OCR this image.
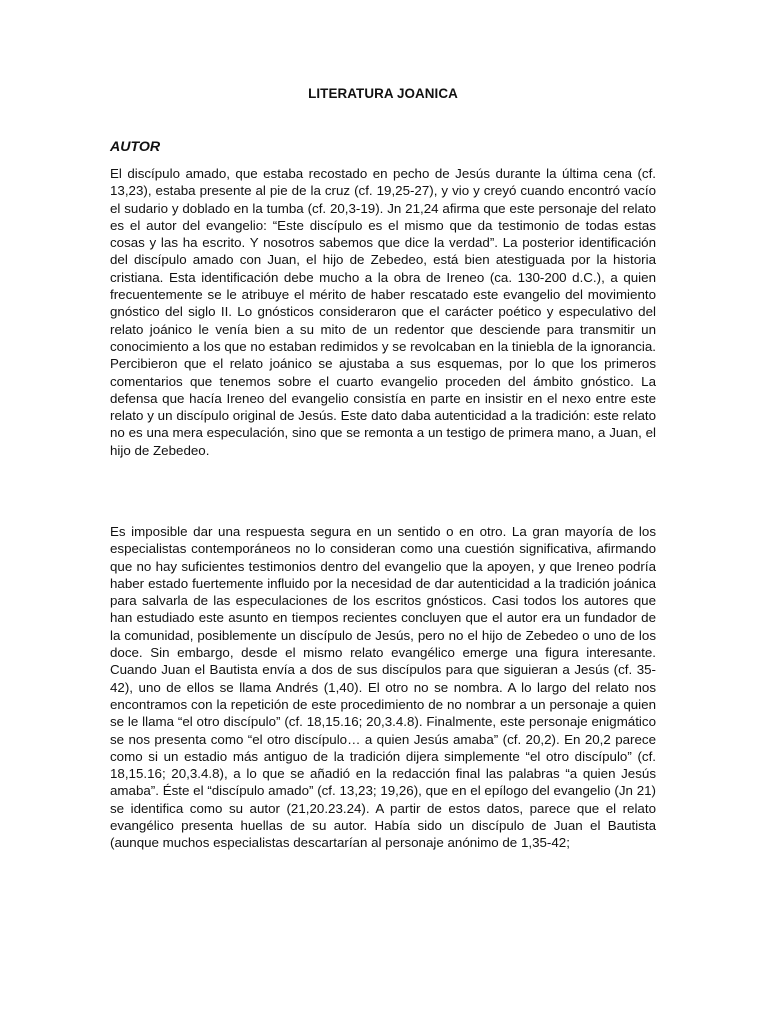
LITERATURA JOANICA
AUTOR

El discípulo amado, que estaba recostado en pecho de Jesús durante la última cena (cf. 13,23), estaba presente al pie de la cruz (cf. 19,25-27), y vio y creyó cuando encontró vacío el sudario y doblado en la tumba (cf. 20,3-19). Jn 21,24 afirma que este personaje del relato es el autor del evangelio: “Este discípulo es el mismo que da testimonio de todas estas cosas y las ha escrito. Y nosotros sabemos que dice la verdad”. La posterior identificación del discípulo amado con Juan, el hijo de Zebedeo, está bien atestiguada por la historia cristiana. Esta identificación debe mucho a la obra de Ireneo (ca. 130-200 d.C.), a quien frecuentemente se le atribuye el mérito de haber rescatado este evangelio del movimiento gnóstico del siglo II. Lo gnósticos consideraron que el carácter poético y especulativo del relato joánico le venía bien a su mito de un redentor que desciende para transmitir un conocimiento a los que no estaban redimidos y se revolcaban en la tiniebla de la ignorancia. Percibieron que el relato joánico se ajustaba a sus esquemas, por lo que los primeros comentarios que tenemos sobre el cuarto evangelio proceden del ámbito gnóstico. La defensa que hacía Ireneo del evangelio consistía en parte en insistir en el nexo entre este relato y un discípulo original de Jesús. Este dato daba autenticidad a la tradición: este relato no es una mera especulación, sino que se remonta a un testigo de primera mano, a Juan, el hijo de Zebedeo.

Es imposible dar una respuesta segura en un sentido o en otro. La gran mayoría de los especialistas contemporáneos no lo consideran como una cuestión significativa, afirmando que no hay suficientes testimonios dentro del evangelio que la apoyen, y que Ireneo podría haber estado fuertemente influido por la necesidad de dar autenticidad a la tradición joánica para salvarla de las especulaciones de los escritos gnósticos. Casi todos los autores que han estudiado este asunto en tiempos recientes concluyen que el autor era un fundador de la comunidad, posiblemente un discípulo de Jesús, pero no el hijo de Zebedeo o uno de los doce. Sin embargo, desde el mismo relato evangélico emerge una figura interesante. Cuando Juan el Bautista envía a dos de sus discípulos para que siguieran a Jesús (cf. 35-42), uno de ellos se llama Andrés (1,40). El otro no se nombra. A lo largo del relato nos encontramos con la repetición de este procedimiento de no nombrar a un personaje a quien se le llama “el otro discípulo” (cf. 18,15.16; 20,3.4.8). Finalmente, este personaje enigmático se nos presenta como “el otro discípulo… a quien Jesús amaba” (cf. 20,2). En 20,2 parece como si un estadio más antiguo de la tradición dijera simplemente “el otro discípulo” (cf. 18,15.16; 20,3.4.8), a lo que se añadió en la redacción final las palabras “a quien Jesús amaba”. Éste el “discípulo amado” (cf. 13,23; 19,26), que en el epílogo del evangelio (Jn 21) se identifica como su autor (21,20.23.24). A partir de estos datos, parece que el relato evangélico presenta huellas de su autor. Había sido un discípulo de Juan el Bautista (aunque muchos especialistas descartarían al personaje anónimo de 1,35-42;
